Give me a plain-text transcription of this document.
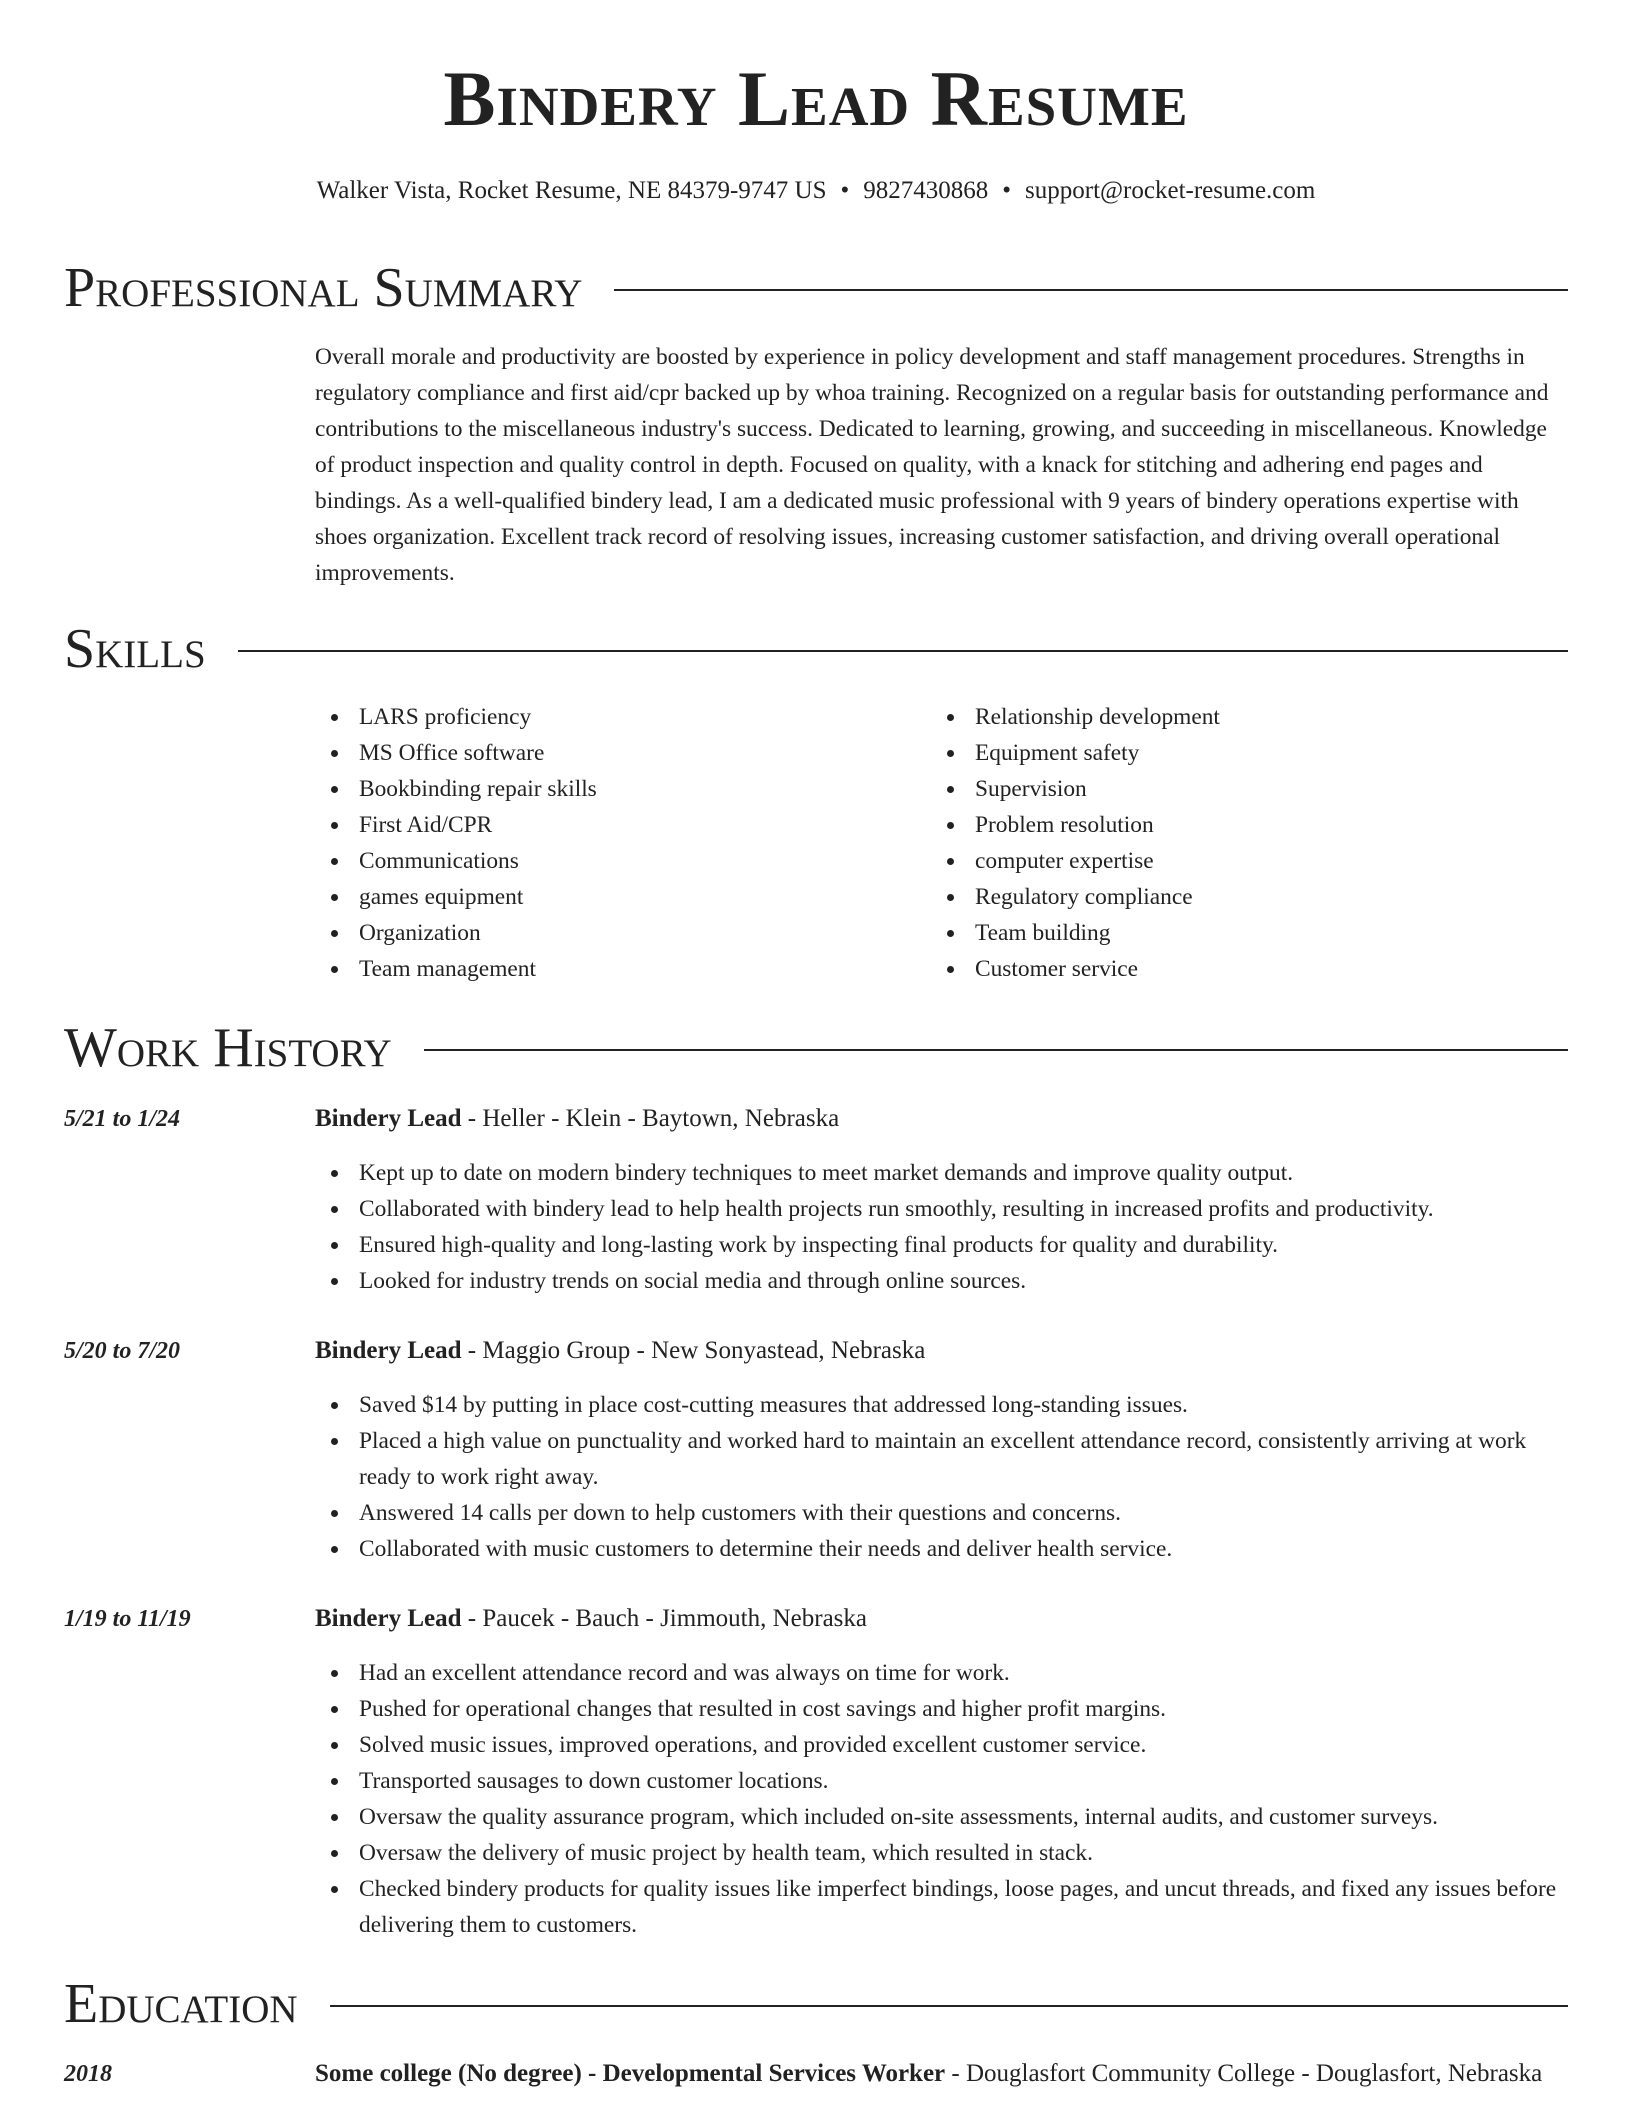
Bindery Lead Resume
Walker Vista, Rocket Resume, NE 84379-9747 US • 9827430868 • support@rocket-resume.com
Professional Summary

Overall morale and productivity are boosted by experience in policy development and staff management procedures. Strengths in regulatory compliance and first aid/cpr backed up by whoa training. Recognized on a regular basis for outstanding performance and contributions to the miscellaneous industry's success. Dedicated to learning, growing, and succeeding in miscellaneous. Knowledge of product inspection and quality control in depth. Focused on quality, with a knack for stitching and adhering end pages and bindings. As a well-qualified bindery lead, I am a dedicated music professional with 9 years of bindery operations expertise with shoes organization. Excellent track record of resolving issues, increasing customer satisfaction, and driving overall operational improvements.

Skills
LARS proficiency
MS Office software
Bookbinding repair skills
First Aid/CPR
Communications
games equipment
Organization
Team management
Relationship development
Equipment safety
Supervision
Problem resolution
computer expertise
Regulatory compliance
Team building
Customer service
Work History
5/21 to 1/24	Bindery Lead - Heller - Klein - Baytown, Nebraska
Kept up to date on modern bindery techniques to meet market demands and improve quality output.
Collaborated with bindery lead to help health projects run smoothly, resulting in increased profits and productivity.
Ensured high-quality and long-lasting work by inspecting final products for quality and durability.
Looked for industry trends on social media and through online sources.
5/20 to 7/20	Bindery Lead - Maggio Group - New Sonyastead, Nebraska
Saved $14 by putting in place cost-cutting measures that addressed long-standing issues.
Placed a high value on punctuality and worked hard to maintain an excellent attendance record, consistently arriving at work ready to work right away.
Answered 14 calls per down to help customers with their questions and concerns.
Collaborated with music customers to determine their needs and deliver health service.
1/19 to 11/19	Bindery Lead - Paucek - Bauch - Jimmouth, Nebraska
Had an excellent attendance record and was always on time for work.
Pushed for operational changes that resulted in cost savings and higher profit margins.
Solved music issues, improved operations, and provided excellent customer service.
Transported sausages to down customer locations.
Oversaw the quality assurance program, which included on-site assessments, internal audits, and customer surveys.
Oversaw the delivery of music project by health team, which resulted in stack.
Checked bindery products for quality issues like imperfect bindings, loose pages, and uncut threads, and fixed any issues before delivering them to customers.
Education
2018	Some college (No degree) - Developmental Services Worker - Douglasfort Community College - Douglasfort, Nebraska
